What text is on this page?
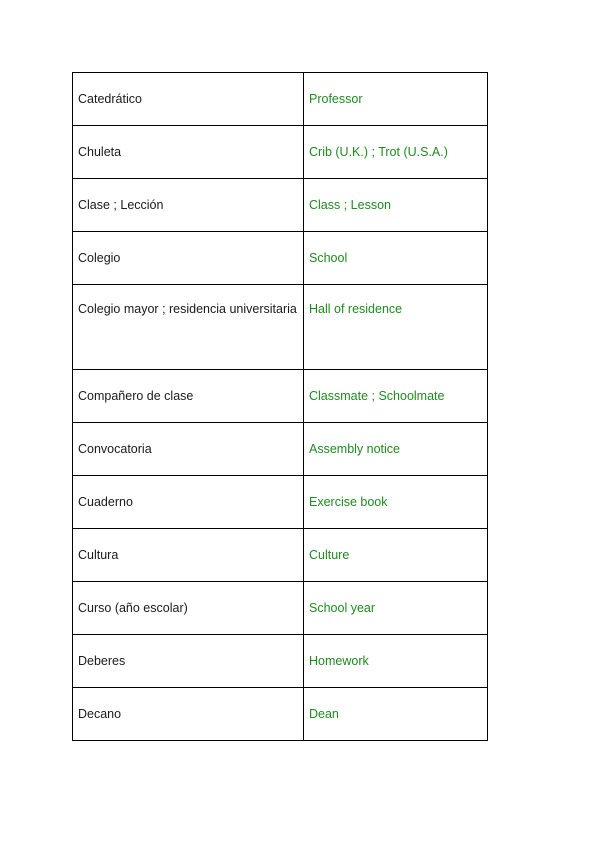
Catedrático	Professor
Chuleta	Crib (U.K.) ; Trot (U.S.A.)
Clase ; Lección	Class ; Lesson
Colegio	School
Colegio mayor ; residencia universitaria	Hall of residence
Compañero de clase	Classmate ; Schoolmate
Convocatoria	Assembly notice
Cuaderno	Exercise book
Cultura	Culture
Curso (año escolar)	School year
Deberes	Homework
Decano	Dean
